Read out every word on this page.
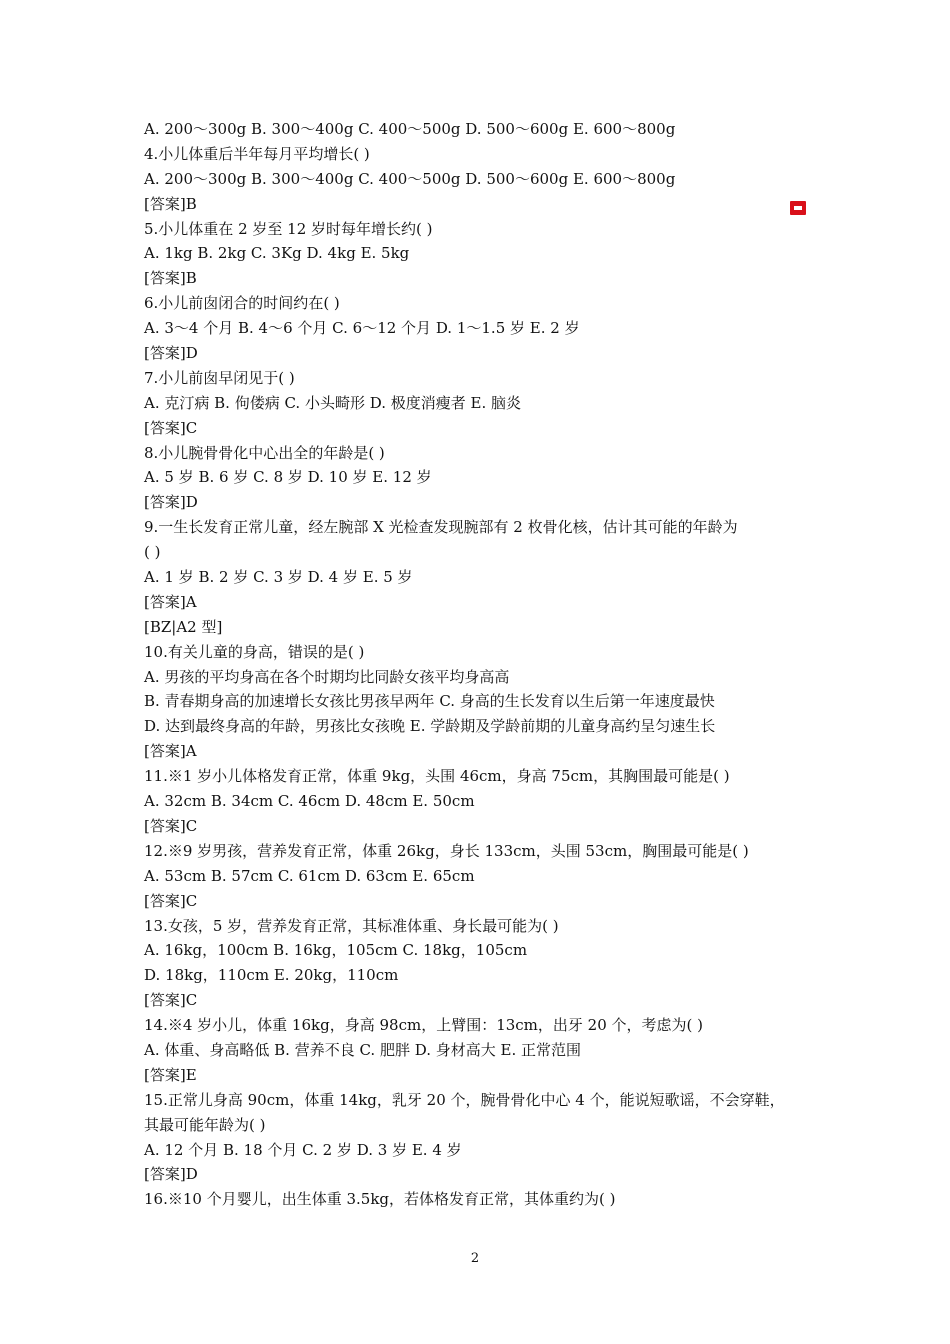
A. 200～300g B. 300～400g C. 400～500g D. 500～600g E. 600～800g
4.小儿体重后半年每月平均增长( )
A. 200～300g B. 300～400g C. 400～500g D. 500～600g E. 600～800g
[答案]B
5.小儿体重在 2 岁至 12 岁时每年增长约( )
A. 1kg B. 2kg C. 3Kg D. 4kg E. 5kg
[答案]B
6.小儿前囱闭合的时间约在( )
A. 3～4 个月 B. 4～6 个月 C. 6～12 个月 D. 1～1.5 岁 E. 2 岁
[答案]D
7.小儿前囱早闭见于( )
A. 克汀病 B. 佝偻病 C. 小头畸形 D. 极度消瘦者 E. 脑炎
[答案]C
8.小儿腕骨骨化中心出全的年龄是( )
A. 5 岁 B. 6 岁 C. 8 岁 D. 10 岁 E. 12 岁
[答案]D
9.一生长发育正常儿童，经左腕部 X 光检查发现腕部有 2 枚骨化核，估计其可能的年龄为
( )
A. 1 岁 B. 2 岁 C. 3 岁 D. 4 岁 E. 5 岁
[答案]A
[BZ|A2 型]
10.有关儿童的身高，错误的是( )
A. 男孩的平均身高在各个时期均比同龄女孩平均身高高
B. 青春期身高的加速增长女孩比男孩早两年 C. 身高的生长发育以生后第一年速度最快
D. 达到最终身高的年龄，男孩比女孩晚 E. 学龄期及学龄前期的儿童身高约呈匀速生长
[答案]A
11.※1 岁小儿体格发育正常，体重 9kg，头围 46cm，身高 75cm，其胸围最可能是( )
A. 32cm B. 34cm C. 46cm D. 48cm E. 50cm
[答案]C
12.※9 岁男孩，营养发育正常，体重 26kg，身长 133cm，头围 53cm，胸围最可能是( )
A. 53cm B. 57cm C. 61cm D. 63cm E. 65cm
[答案]C
13.女孩，5 岁，营养发育正常，其标准体重、身长最可能为( )
A. 16kg，100cm B. 16kg，105cm C. 18kg，105cm
D. 18kg，110cm E. 20kg，110cm
[答案]C
14.※4 岁小儿，体重 16kg，身高 98cm，上臂围：13cm，出牙 20 个，考虑为( )
A. 体重、身高略低 B. 营养不良 C. 肥胖 D. 身材高大 E. 正常范围
[答案]E
15.正常儿身高 90cm，体重 14kg，乳牙 20 个，腕骨骨化中心 4 个，能说短歌谣，不会穿鞋，
其最可能年龄为( )
A. 12 个月 B. 18 个月 C. 2 岁 D. 3 岁 E. 4 岁
[答案]D
16.※10 个月婴儿，出生体重 3.5kg，若体格发育正常，其体重约为( )
2
